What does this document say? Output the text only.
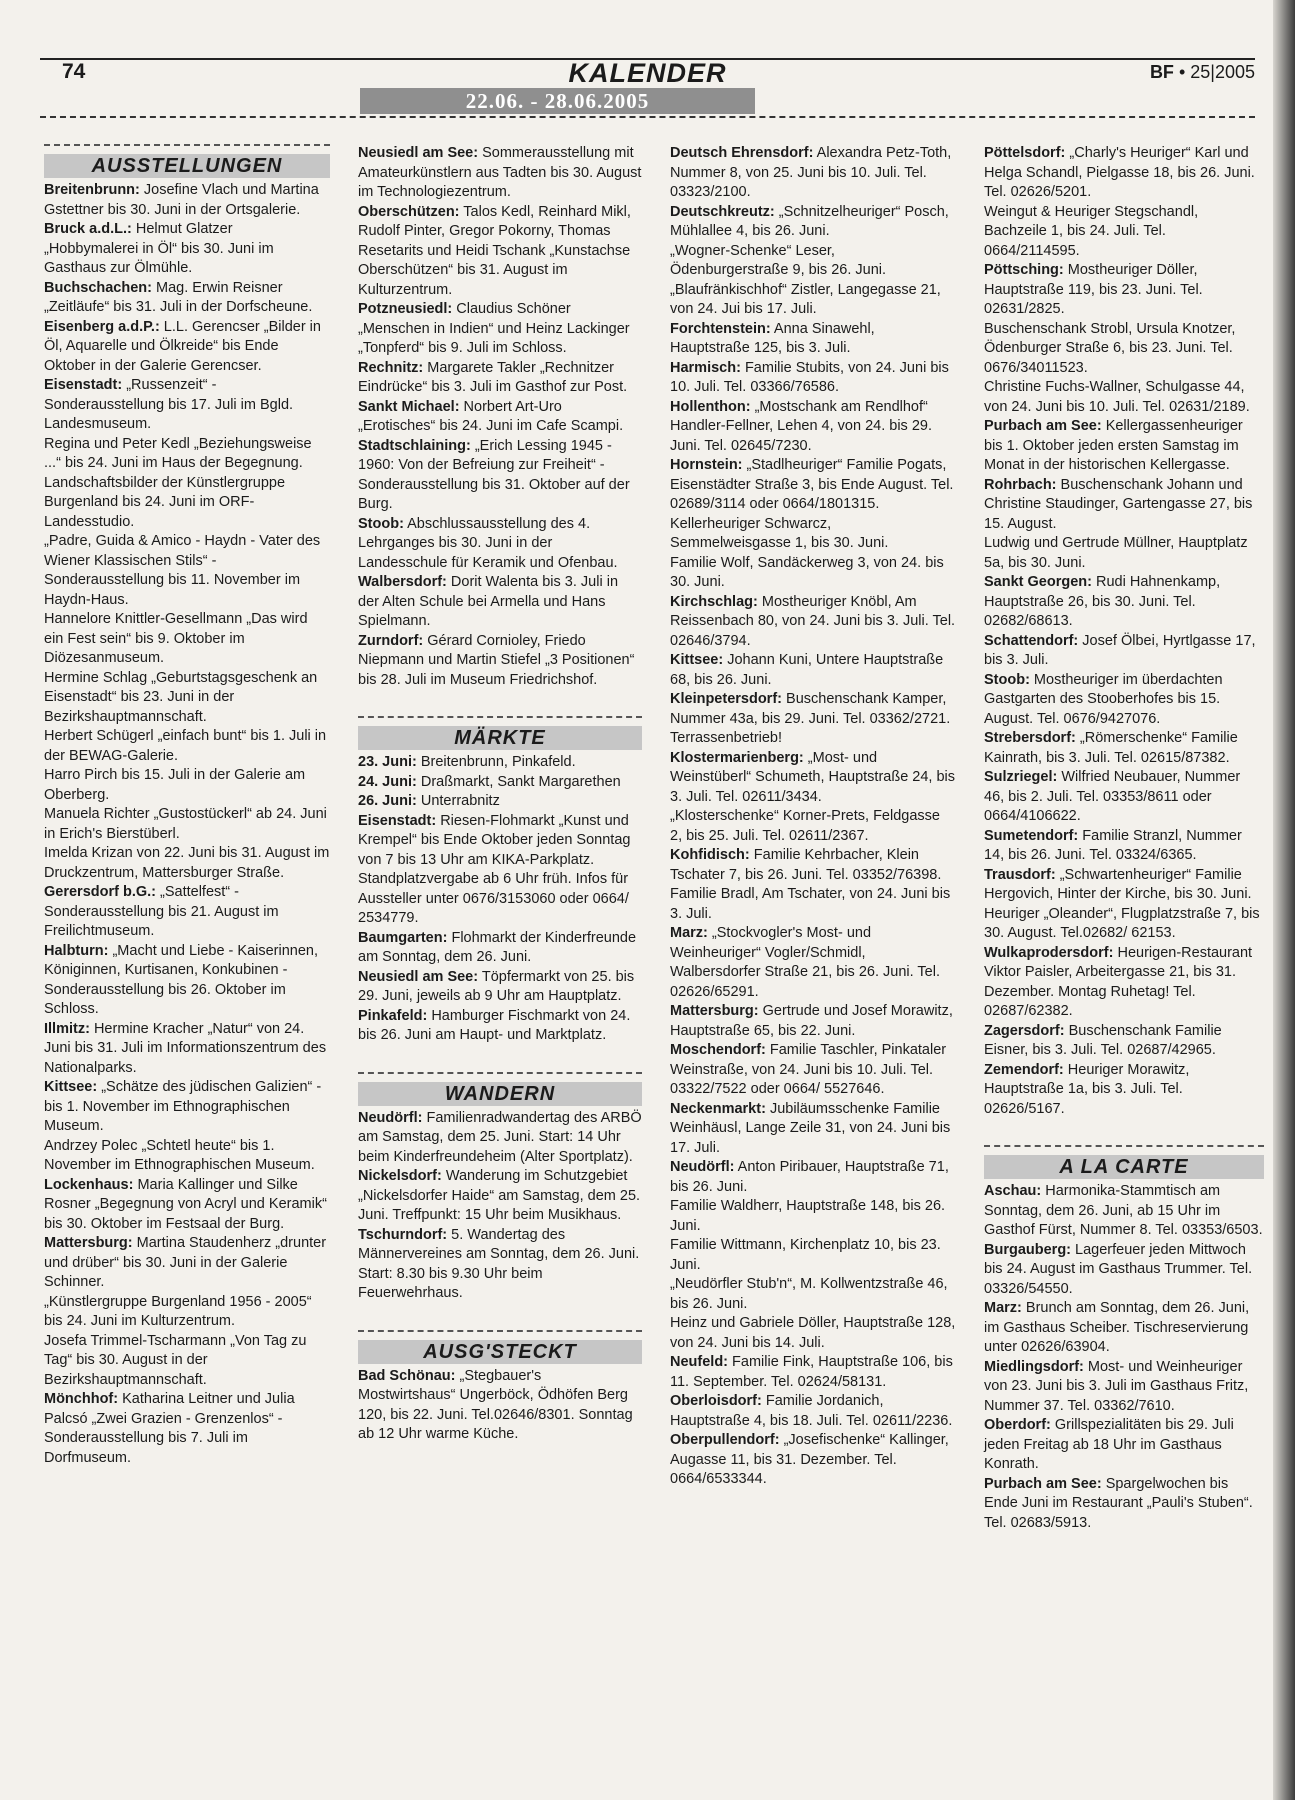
74	KALENDER	BF • 25|2005
22.06. - 28.06.2005
AUSSTELLUNGEN

Breitenbrunn: Josefine Vlach und Martina Gstettner bis 30. Juni in der Ortsgalerie.

Bruck a.d.L.: Helmut Glatzer „Hobbymalerei in Öl“ bis 30. Juni im Gasthaus zur Ölmühle.

Buchschachen: Mag. Erwin Reisner „Zeitläufe“ bis 31. Juli in der Dorfscheune.

Eisenberg a.d.P.: L.L. Gerencser „Bilder in Öl, Aquarelle und Ölkreide“ bis Ende Oktober in der Galerie Gerencser.

Eisenstadt: „Russenzeit“ - Sonderausstellung bis 17. Juli im Bgld. Landesmuseum.

Regina und Peter Kedl „Beziehungsweise ...“ bis 24. Juni im Haus der Begegnung.

Landschaftsbilder der Künstlergruppe Burgenland bis 24. Juni im ORF-Landesstudio.

„Padre, Guida & Amico - Haydn - Vater des Wiener Klassischen Stils“ - Sonderausstellung bis 11. November im Haydn-Haus.

Hannelore Knittler-Gesellmann „Das wird ein Fest sein“ bis 9. Oktober im Diözesanmuseum.

Hermine Schlag „Geburtstagsgeschenk an Eisenstadt“ bis 23. Juni in der Bezirkshauptmannschaft.

Herbert Schügerl „einfach bunt“ bis 1. Juli in der BEWAG-Galerie.

Harro Pirch bis 15. Juli in der Galerie am Oberberg.

Manuela Richter „Gustostückerl“ ab 24. Juni in Erich's Bierstüberl.

Imelda Krizan von 22. Juni bis 31. August im Druckzentrum, Mattersburger Straße.

Gerersdorf b.G.: „Sattelfest“ - Sonderausstellung bis 21. August im Freilichtmuseum.

Halbturn: „Macht und Liebe - Kaiserinnen, Königinnen, Kurtisanen, Konkubinen - Sonderausstellung bis 26. Oktober im Schloss.

Illmitz: Hermine Kracher „Natur“ von 24. Juni bis 31. Juli im Informationszentrum des Nationalparks.

Kittsee: „Schätze des jüdischen Galizien“ - bis 1. November im Ethnographischen Museum.

Andrzey Polec „Schtetl heute“ bis 1. November im Ethnographischen Museum.

Lockenhaus: Maria Kallinger und Silke Rosner „Begegnung von Acryl und Keramik“ bis 30. Oktober im Festsaal der Burg.

Mattersburg: Martina Staudenherz „drunter und drüber“ bis 30. Juni in der Galerie Schinner.

„Künstlergruppe Burgenland 1956 - 2005“ bis 24. Juni im Kulturzentrum.

Josefa Trimmel-Tscharmann „Von Tag zu Tag“ bis 30. August in der Bezirkshauptmannschaft.

Mönchhof: Katharina Leitner und Julia Palcsó „Zwei Grazien - Grenzenlos“ - Sonderausstellung bis 7. Juli im Dorfmuseum.

Neusiedl am See: Sommerausstellung mit Amateurkünstlern aus Tadten bis 30. August im Technologiezentrum.

Oberschützen: Talos Kedl, Reinhard Mikl, Rudolf Pinter, Gregor Pokorny, Thomas Resetarits und Heidi Tschank „Kunstachse Oberschützen“ bis 31. August im Kulturzentrum.

Potzneusiedl: Claudius Schöner „Menschen in Indien“ und Heinz Lackinger „Tonpferd“ bis 9. Juli im Schloss.

Rechnitz: Margarete Takler „Rechnitzer Eindrücke“ bis 3. Juli im Gasthof zur Post.

Sankt Michael: Norbert Art-Uro „Erotisches“ bis 24. Juni im Cafe Scampi.

Stadtschlaining: „Erich Lessing 1945 - 1960: Von der Befreiung zur Freiheit“ - Sonderausstellung bis 31. Oktober auf der Burg.

Stoob: Abschlussausstellung des 4. Lehrganges bis 30. Juni in der Landesschule für Keramik und Ofenbau.

Walbersdorf: Dorit Walenta bis 3. Juli in der Alten Schule bei Armella und Hans Spielmann.

Zurndorf: Gérard Cornioley, Friedo Niepmann und Martin Stiefel „3 Positionen“ bis 28. Juli im Museum Friedrichshof.

MÄRKTE

23. Juni: Breitenbrunn, Pinkafeld.

24. Juni: Draßmarkt, Sankt Margarethen

26. Juni: Unterrabnitz

Eisenstadt: Riesen-Flohmarkt „Kunst und Krempel“ bis Ende Oktober jeden Sonntag von 7 bis 13 Uhr am KIKA-Parkplatz. Standplatzvergabe ab 6 Uhr früh. Infos für Aussteller unter 0676/3153060 oder 0664/ 2534779.

Baumgarten: Flohmarkt der Kinderfreunde am Sonntag, dem 26. Juni.

Neusiedl am See: Töpfermarkt von 25. bis 29. Juni, jeweils ab 9 Uhr am Hauptplatz.

Pinkafeld: Hamburger Fischmarkt von 24. bis 26. Juni am Haupt- und Marktplatz.

WANDERN

Neudörfl: Familienradwandertag des ARBÖ am Samstag, dem 25. Juni. Start: 14 Uhr beim Kinderfreundeheim (Alter Sportplatz).

Nickelsdorf: Wanderung im Schutzgebiet „Nickelsdorfer Haide“ am Samstag, dem 25. Juni. Treffpunkt: 15 Uhr beim Musikhaus.

Tschurndorf: 5. Wandertag des Männervereines am Sonntag, dem 26. Juni. Start: 8.30 bis 9.30 Uhr beim Feuerwehrhaus.

AUSG'STECKT

Bad Schönau: „Stegbauer's Mostwirtshaus“ Ungerböck, Ödhöfen Berg 120, bis 22. Juni. Tel.02646/8301. Sonntag ab 12 Uhr warme Küche.

Deutsch Ehrensdorf: Alexandra Petz-Toth, Nummer 8, von 25. Juni bis 10. Juli. Tel. 03323/2100.

Deutschkreutz: „Schnitzelheuriger“ Posch, Mühlallee 4, bis 26. Juni.

„Wogner-Schenke“ Leser, Ödenburgerstraße 9, bis 26. Juni.

„Blaufränkischhof“ Zistler, Langegasse 21, von 24. Jui bis 17. Juli.

Forchtenstein: Anna Sinawehl, Hauptstraße 125, bis 3. Juli.

Harmisch: Familie Stubits, von 24. Juni bis 10. Juli. Tel. 03366/76586.

Hollenthon: „Mostschank am Rendlhof“ Handler-Fellner, Lehen 4, von 24. bis 29. Juni. Tel. 02645/7230.

Hornstein: „Stadlheuriger“ Familie Pogats, Eisenstädter Straße 3, bis Ende August. Tel. 02689/3114 oder 0664/1801315.

Kellerheuriger Schwarcz, Semmelweisgasse 1, bis 30. Juni.

Familie Wolf, Sandäckerweg 3, von 24. bis 30. Juni.

Kirchschlag: Mostheuriger Knöbl, Am Reissenbach 80, von 24. Juni bis 3. Juli. Tel. 02646/3794.

Kittsee: Johann Kuni, Untere Hauptstraße 68, bis 26. Juni.

Kleinpetersdorf: Buschenschank Kamper, Nummer 43a, bis 29. Juni. Tel. 03362/2721. Terrassenbetrieb!

Klostermarienberg: „Most- und Weinstüberl“ Schumeth, Hauptstraße 24, bis 3. Juli. Tel. 02611/3434.

„Klosterschenke“ Korner-Prets, Feldgasse 2, bis 25. Juli. Tel. 02611/2367.

Kohfidisch: Familie Kehrbacher, Klein Tschater 7, bis 26. Juni. Tel. 03352/76398.

Familie Bradl, Am Tschater, von 24. Juni bis 3. Juli.

Marz: „Stockvogler's Most- und Weinheuriger“ Vogler/Schmidl, Walbersdorfer Straße 21, bis 26. Juni. Tel. 02626/65291.

Mattersburg: Gertrude und Josef Morawitz, Hauptstraße 65, bis 22. Juni.

Moschendorf: Familie Taschler, Pinkataler Weinstraße, von 24. Juni bis 10. Juli. Tel. 03322/7522 oder 0664/ 5527646.

Neckenmarkt: Jubiläumsschenke Familie Weinhäusl, Lange Zeile 31, von 24. Juni bis 17. Juli.

Neudörfl: Anton Piribauer, Hauptstraße 71, bis 26. Juni.

Familie Waldherr, Hauptstraße 148, bis 26. Juni.

Familie Wittmann, Kirchenplatz 10, bis 23. Juni.

„Neudörfler Stub'n“, M. Kollwentzstraße 46, bis 26. Juni.

Heinz und Gabriele Döller, Hauptstraße 128, von 24. Juni bis 14. Juli.

Neufeld: Familie Fink, Hauptstraße 106, bis 11. September. Tel. 02624/58131.

Oberloisdorf: Familie Jordanich, Hauptstraße 4, bis 18. Juli. Tel. 02611/2236.

Oberpullendorf: „Josefischenke“ Kallinger, Augasse 11, bis 31. Dezember. Tel. 0664/6533344.

Pöttelsdorf: „Charly's Heuriger“ Karl und Helga Schandl, Pielgasse 18, bis 26. Juni. Tel. 02626/5201.

Weingut & Heuriger Stegschandl, Bachzeile 1, bis 24. Juli. Tel. 0664/2114595.

Pöttsching: Mostheuriger Döller, Hauptstraße 119, bis 23. Juni. Tel. 02631/2825.

Buschenschank Strobl, Ursula Knotzer, Ödenburger Straße 6, bis 23. Juni. Tel. 0676/34011523.

Christine Fuchs-Wallner, Schulgasse 44, von 24. Juni bis 10. Juli. Tel. 02631/2189.

Purbach am See: Kellergassenheuriger bis 1. Oktober jeden ersten Samstag im Monat in der historischen Kellergasse.

Rohrbach: Buschenschank Johann und Christine Staudinger, Gartengasse 27, bis 15. August.

Ludwig und Gertrude Müllner, Hauptplatz 5a, bis 30. Juni.

Sankt Georgen: Rudi Hahnenkamp, Hauptstraße 26, bis 30. Juni. Tel. 02682/68613.

Schattendorf: Josef Ölbei, Hyrtlgasse 17, bis 3. Juli.

Stoob: Mostheuriger im überdachten Gastgarten des Stooberhofes bis 15. August. Tel. 0676/9427076.

Strebersdorf: „Römerschenke“ Familie Kainrath, bis 3. Juli. Tel. 02615/87382.

Sulzriegel: Wilfried Neubauer, Nummer 46, bis 2. Juli. Tel. 03353/8611 oder 0664/4106622.

Sumetendorf: Familie Stranzl, Nummer 14, bis 26. Juni. Tel. 03324/6365.

Trausdorf: „Schwartenheuriger“ Familie Hergovich, Hinter der Kirche, bis 30. Juni.

Heuriger „Oleander“, Flugplatzstraße 7, bis 30. August. Tel.02682/ 62153.

Wulkaprodersdorf: Heurigen-Restaurant Viktor Paisler, Arbeitergasse 21, bis 31. Dezember. Montag Ruhetag! Tel. 02687/62382.

Zagersdorf: Buschenschank Familie Eisner, bis 3. Juli. Tel. 02687/42965.

Zemendorf: Heuriger Morawitz, Hauptstraße 1a, bis 3. Juli. Tel. 02626/5167.

A LA CARTE

Aschau: Harmonika-Stammtisch am Sonntag, dem 26. Juni, ab 15 Uhr im Gasthof Fürst, Nummer 8. Tel. 03353/6503.

Burgauberg: Lagerfeuer jeden Mittwoch bis 24. August im Gasthaus Trummer. Tel. 03326/54550.

Marz: Brunch am Sonntag, dem 26. Juni, im Gasthaus Scheiber. Tischreservierung unter 02626/63904.

Miedlingsdorf: Most- und Weinheuriger von 23. Juni bis 3. Juli im Gasthaus Fritz, Nummer 37. Tel. 03362/7610.

Oberdorf: Grillspezialitäten bis 29. Juli jeden Freitag ab 18 Uhr im Gasthaus Konrath.

Purbach am See: Spargelwochen bis Ende Juni im Restaurant „Pauli's Stuben“. Tel. 02683/5913.
